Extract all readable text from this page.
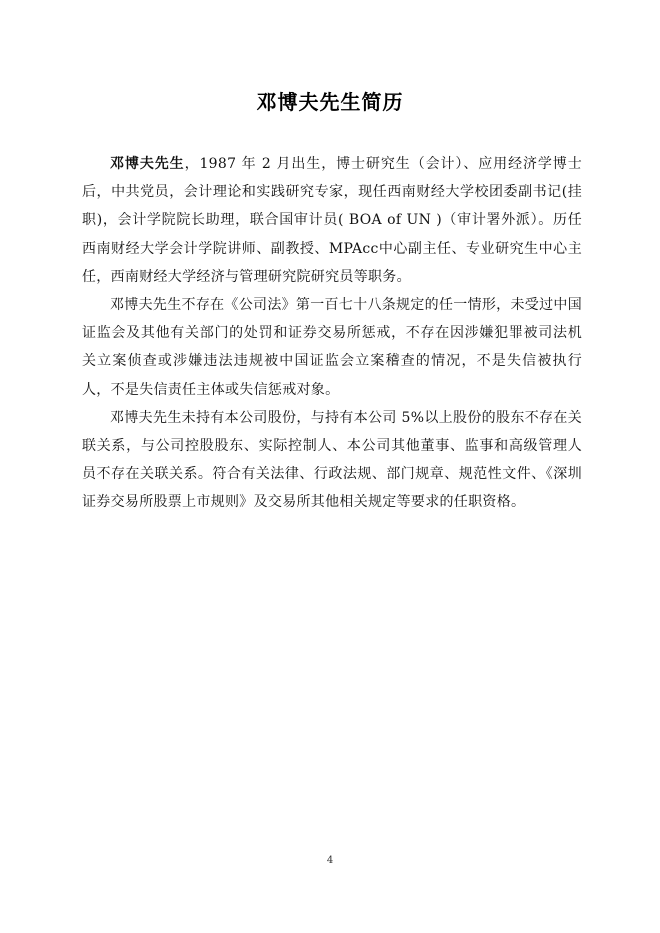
邓博夫先生简历

邓博夫先生，1987 年 2 月出生，博士研究生（会计）、应用经济学博士后，中共党员，会计理论和实践研究专家，现任西南财经大学校团委副书记(挂职)，会计学院院长助理，联合国审计员( BOA of UN )（审计署外派）。历任西南财经大学会计学院讲师、副教授、MPAcc中心副主任、专业研究生中心主任，西南财经大学经济与管理研究院研究员等职务。

邓博夫先生不存在《公司法》第一百七十八条规定的任一情形，未受过中国证监会及其他有关部门的处罚和证券交易所惩戒，不存在因涉嫌犯罪被司法机关立案侦查或涉嫌违法违规被中国证监会立案稽查的情况，不是失信被执行人，不是失信责任主体或失信惩戒对象。

邓博夫先生未持有本公司股份，与持有本公司 5%以上股份的股东不存在关联关系，与公司控股股东、实际控制人、本公司其他董事、监事和高级管理人员不存在关联关系。符合有关法律、行政法规、部门规章、规范性文件、《深圳证券交易所股票上市规则》及交易所其他相关规定等要求的任职资格。

4
